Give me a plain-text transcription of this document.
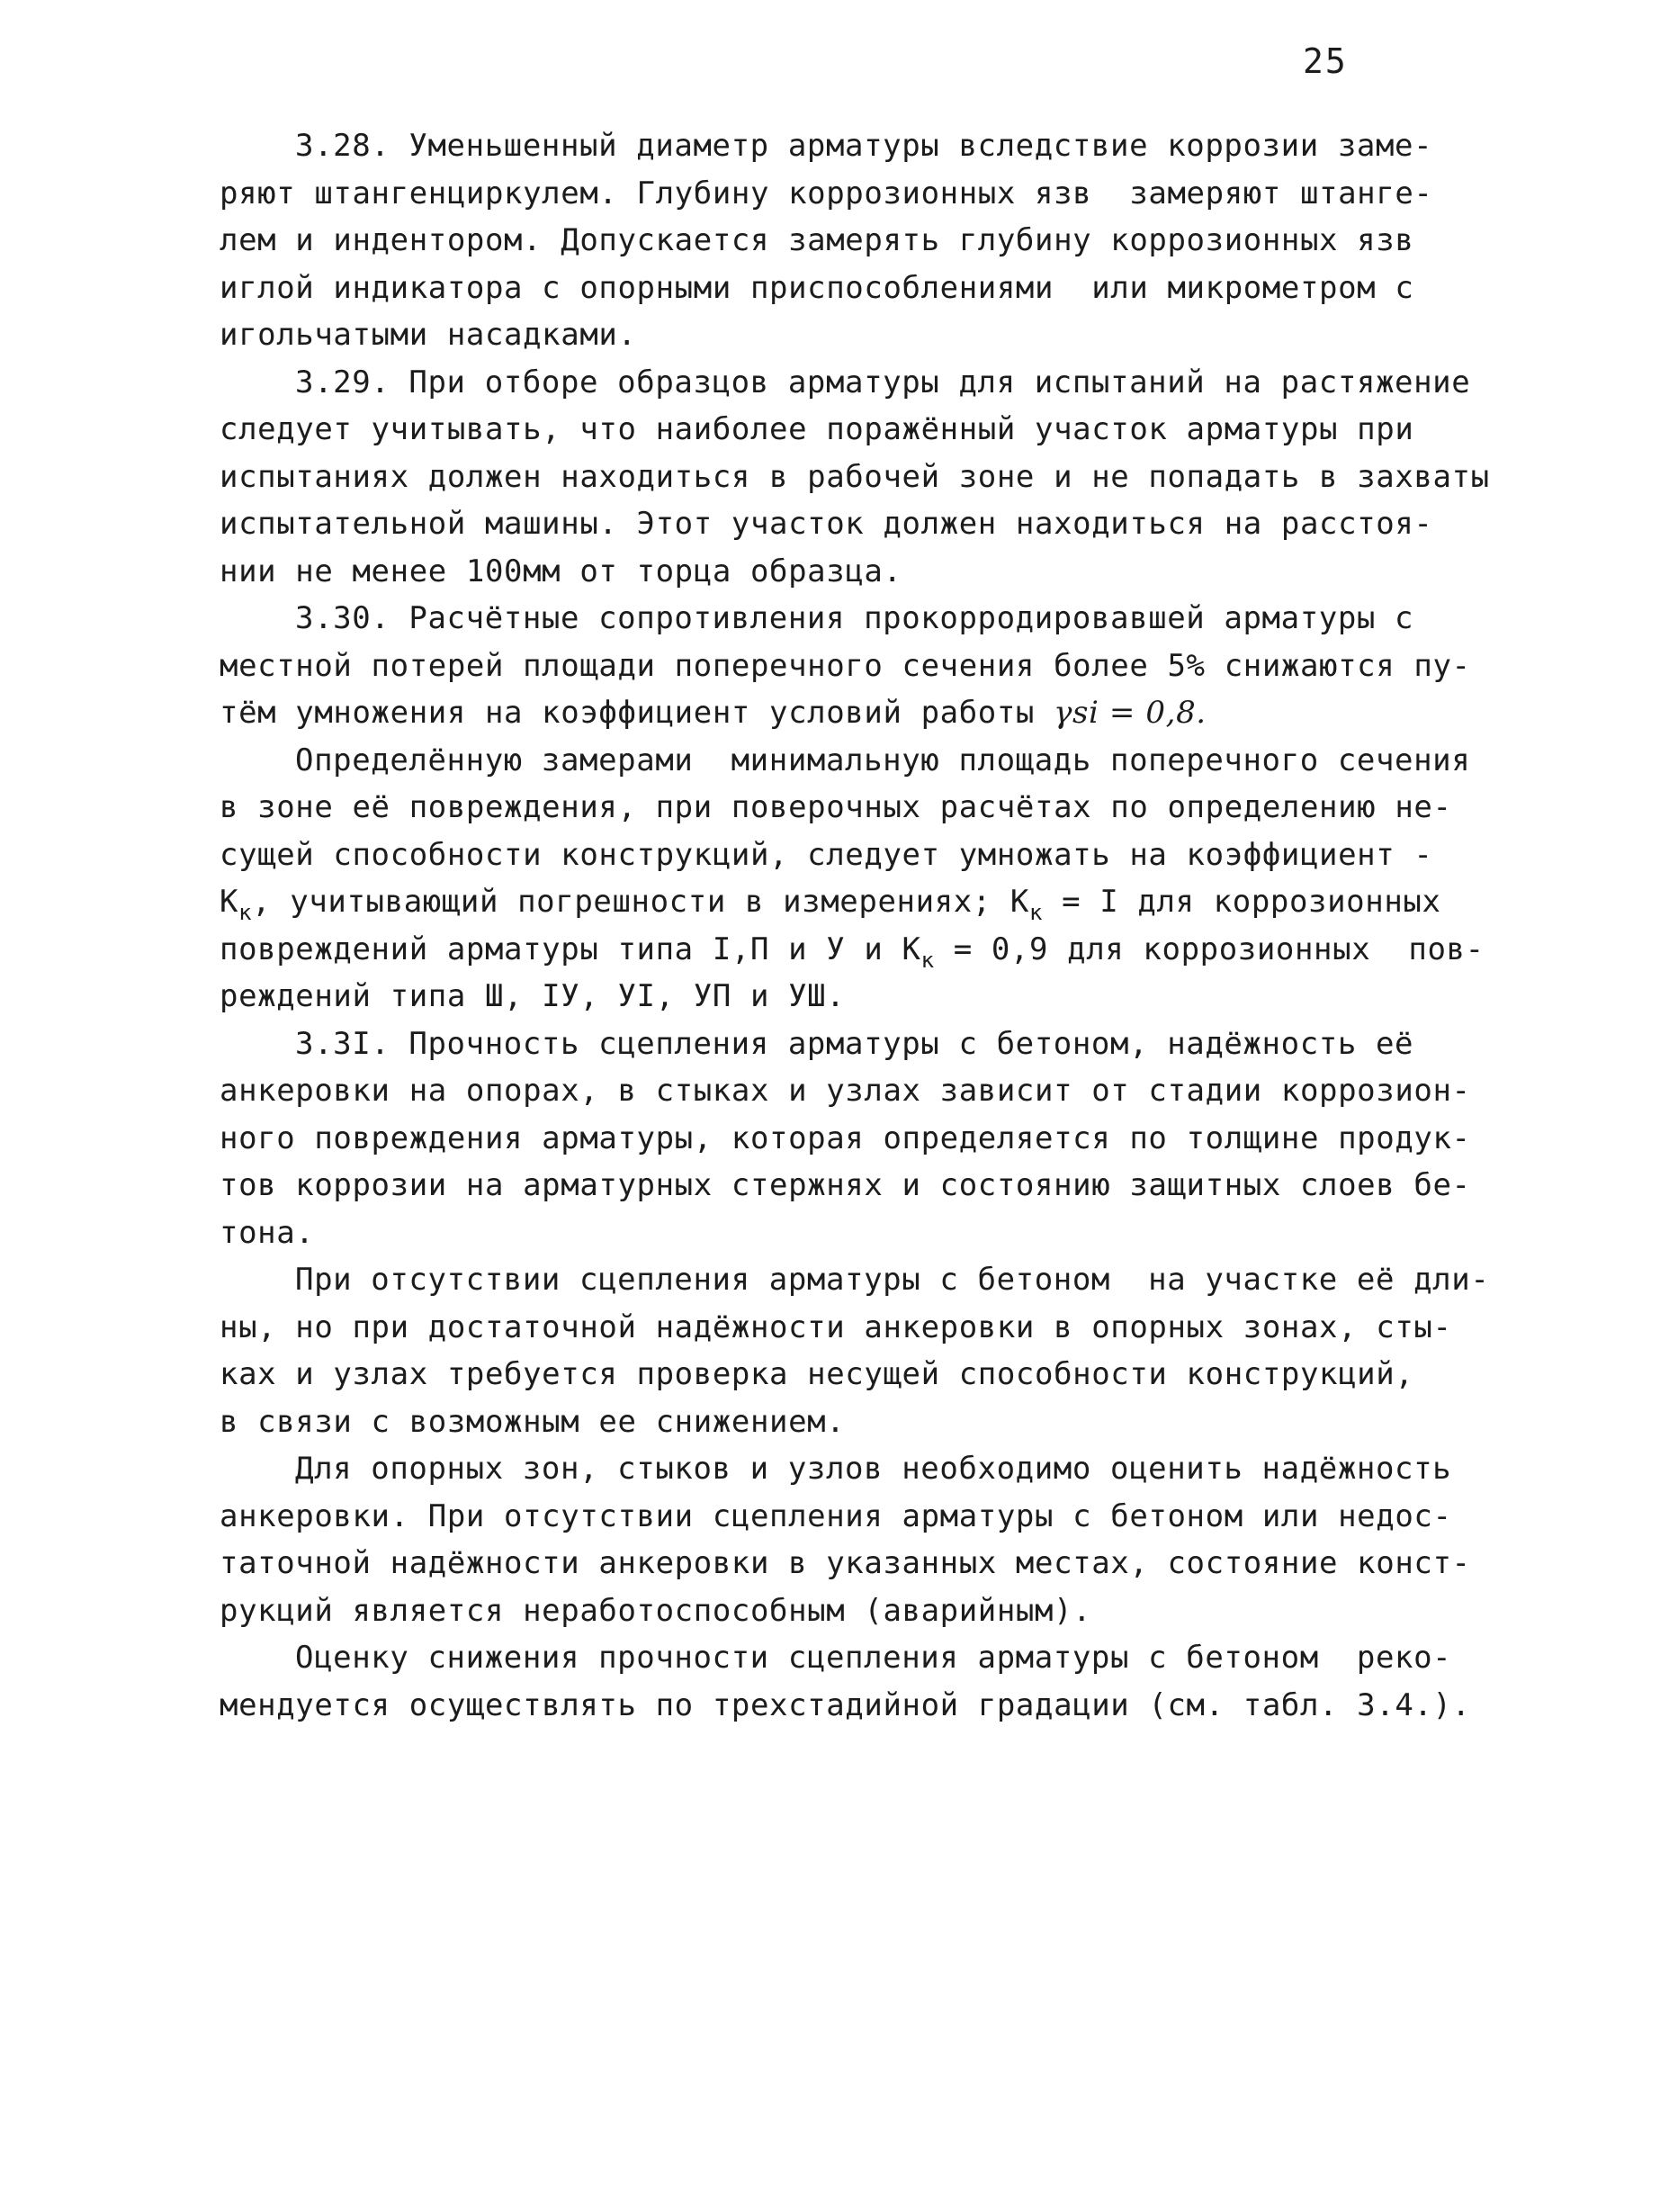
25
3.28. Уменьшенный диаметр арматуры вследствие коррозии заме-
ряют штангенциркулем. Глубину коррозионных язв  замеряют штанге-
лем и индентором. Допускается замерять глубину коррозионных язв
иглой индикатора с опорными приспособлениями  или микрометром с
игольчатыми насадками.
3.29. При отборе образцов арматуры для испытаний на растяжение
следует учитывать, что наиболее поражённый участок арматуры при
испытаниях должен находиться в рабочей зоне и не попадать в захваты
испытательной машины. Этот участок должен находиться на расстоя-
нии не менее 100мм от торца образца.
3.30. Расчётные сопротивления прокорродировавшей арматуры с
местной потерей площади поперечного сечения более 5% снижаются пу-
тём умножения на коэффициент условий работы γsi = 0,8.
Определённую замерами  минимальную площадь поперечного сечения
в зоне её повреждения, при поверочных расчётах по определению не-
сущей способности конструкций, следует умножать на коэффициент -
$К_к$, учитывающий погрешности в измерениях; $К_к = I$ для коррозионных
повреждений арматуры типа I,П и У и $К_к = 0,9$ для коррозионных  пов-
реждений типа Ш, IУ, УI, УП и УШ.
3.3I. Прочность сцепления арматуры с бетоном, надёжность её
анкеровки на опорах, в стыках и узлах зависит от стадии коррозион-
ного повреждения арматуры, которая определяется по толщине продук-
тов коррозии на арматурных стержнях и состоянию защитных слоев бе-
тона.
При отсутствии сцепления арматуры с бетоном  на участке её дли-
ны, но при достаточной надёжности анкеровки в опорных зонах, сты-
ках и узлах требуется проверка несущей способности конструкций,
в связи с возможным ее снижением.
Для опорных зон, стыков и узлов необходимо оценить надёжность
анкеровки. При отсутствии сцепления арматуры с бетоном или недос-
таточной надёжности анкеровки в указанных местах, состояние конст-
рукций является неработоспособным (аварийным).
Оценку снижения прочности сцепления арматуры с бетоном  реко-
мендуется осуществлять по трехстадийной градации (см. табл. 3.4.).
